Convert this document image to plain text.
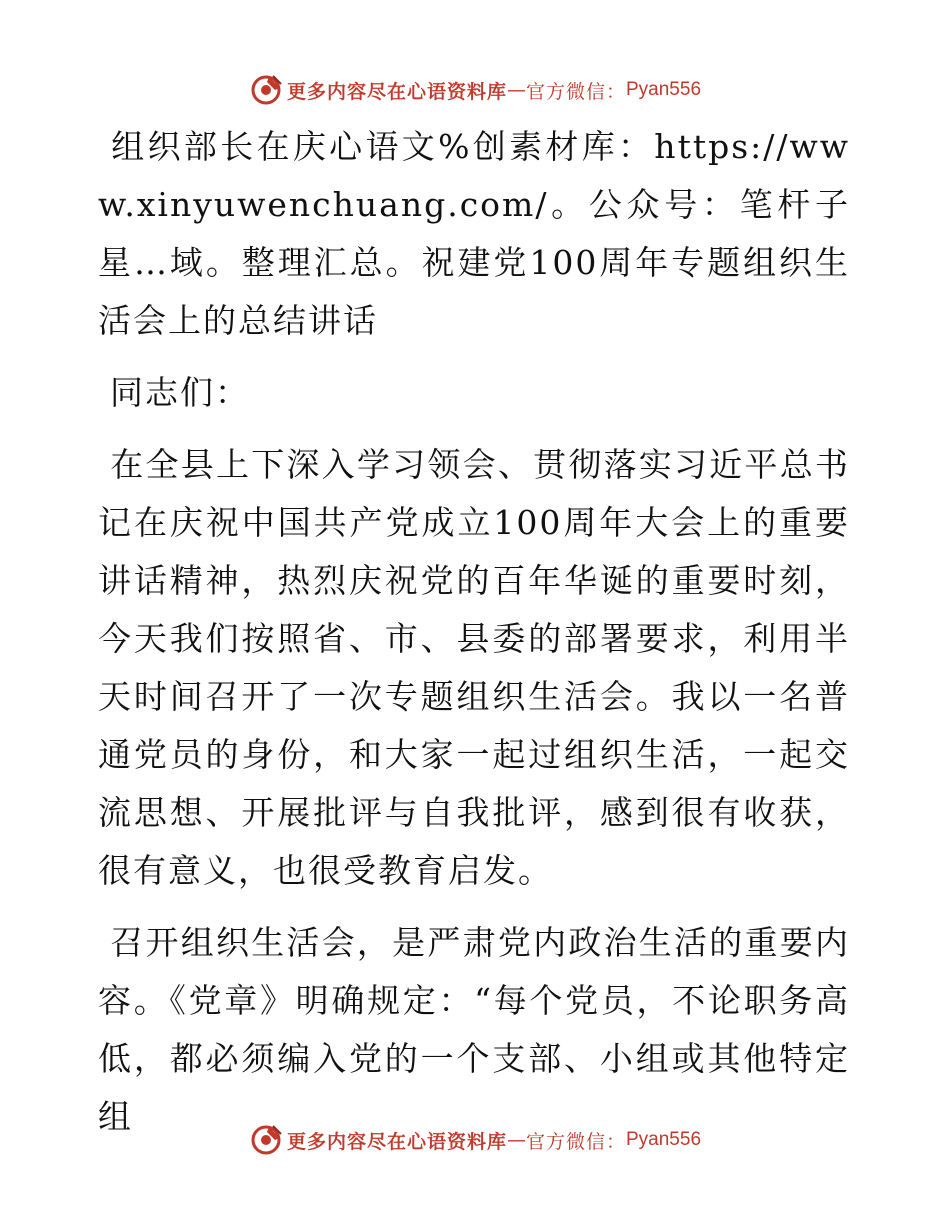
更多内容尽在心语资料库 — 官方微信： Pyan556

组织部长在庆心语文%创素材库：https://www.xinyuwenchuang.com/。公众号：笔杆子星…域。整理汇总。祝建党100周年专题组织生活会上的总结讲话

同志们：

在全县上下深入学习领会、贯彻落实习近平总书记在庆祝中国共产党成立100周年大会上的重要讲话精神，热烈庆祝党的百年华诞的重要时刻，今天我们按照省、市、县委的部署要求，利用半天时间召开了一次专题组织生活会。我以一名普通党员的身份，和大家一起过组织生活，一起交流思想、开展批评与自我批评，感到很有收获，很有意义，也很受教育启发。

召开组织生活会，是严肃党内政治生活的重要内容。《党章》明确规定：“每个党员，不论职务高低，都必须编入党的一个支部、小组或其他特定组

更多内容尽在心语资料库 — 官方微信： Pyan556
